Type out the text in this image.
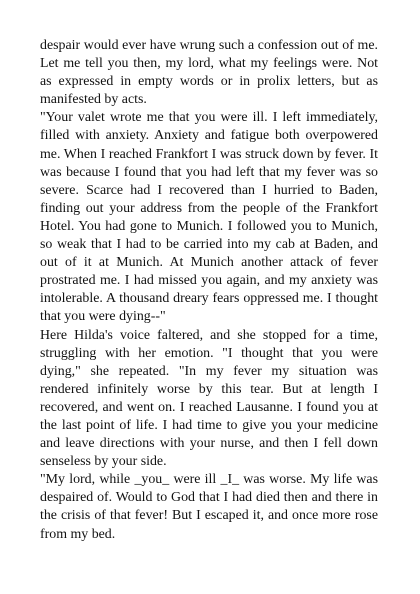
despair would ever have wrung such a confession out of me. Let me tell you then, my lord, what my feelings were. Not as expressed in empty words or in prolix letters, but as manifested by acts.

"Your valet wrote me that you were ill. I left immediately, filled with anxiety. Anxiety and fatigue both overpowered me. When I reached Frankfort I was struck down by fever. It was because I found that you had left that my fever was so severe. Scarce had I recovered than I hurried to Baden, finding out your address from the people of the Frankfort Hotel. You had gone to Munich. I followed you to Munich, so weak that I had to be carried into my cab at Baden, and out of it at Munich. At Munich another attack of fever prostrated me. I had missed you again, and my anxiety was intolerable. A thousand dreary fears oppressed me. I thought that you were dying--"

Here Hilda's voice faltered, and she stopped for a time, struggling with her emotion. "I thought that you were dying," she repeated. "In my fever my situation was rendered infinitely worse by this tear. But at length I recovered, and went on. I reached Lausanne. I found you at the last point of life. I had time to give you your medicine and leave directions with your nurse, and then I fell down senseless by your side.

"My lord, while _you_ were ill _I_ was worse. My life was despaired of. Would to God that I had died then and there in the crisis of that fever! But I escaped it, and once more rose from my bed.
